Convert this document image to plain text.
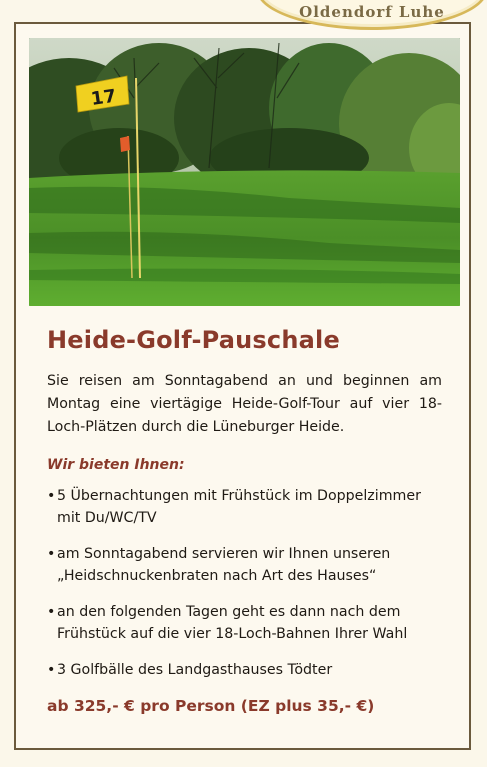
Oldendorf Luhe
17
Heide-Golf-Pauschale

Sie reisen am Sonntagabend an und beginnen am Montag eine viertägige Heide-Golf-Tour auf vier 18-Loch-Plätzen durch die Lüneburger Heide.

Wir bieten Ihnen:

• 5 Übernachtungen mit Frühstück im Doppelzimmer mit Du/WC/TV
• am Sonntagabend servieren wir Ihnen unseren „Heidschnuckenbraten nach Art des Hauses“
• an den folgenden Tagen geht es dann nach dem Frühstück auf die vier 18-Loch-Bahnen Ihrer Wahl
• 3 Golfbälle des Landgasthauses Tödter

ab 325,- € pro Person (EZ plus 35,- €)
